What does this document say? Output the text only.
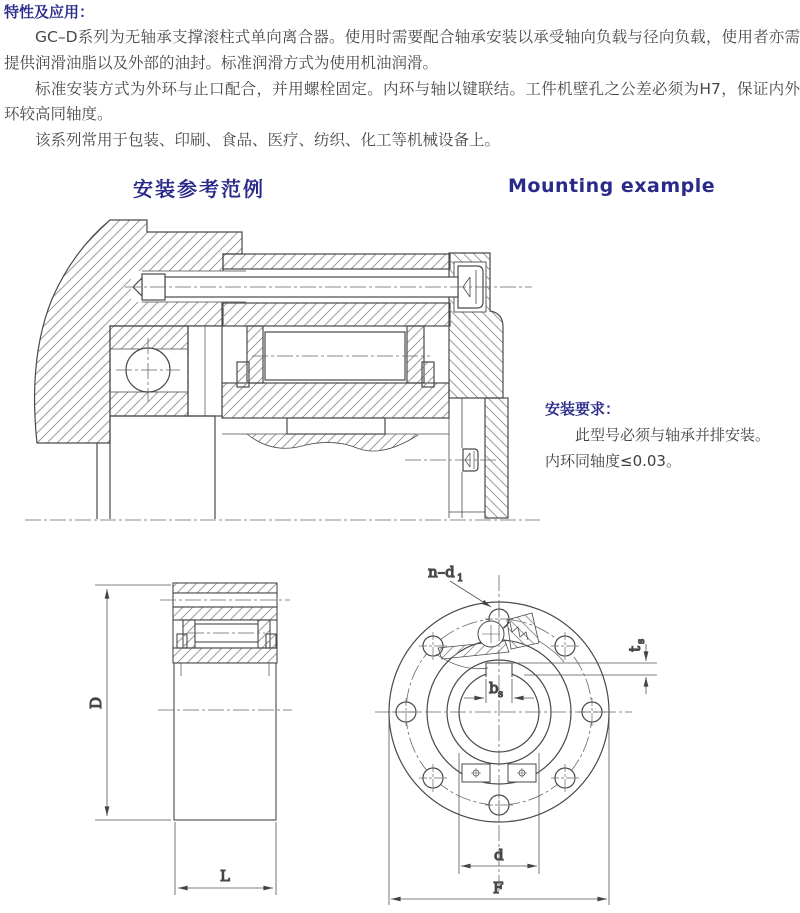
特性及应用：

GC–D系列为无轴承支撑滚柱式单向离合器。使用时需要配合轴承安装以承受轴向负载与径向负载，使用者亦需提供润滑油脂以及外部的油封。标准润滑方式为使用机油润滑。

标准安装方式为外环与止口配合，并用螺栓固定。内环与轴以键联结。工件机壁孔之公差必须为H7，保证内外环较高同轴度。

该系列常用于包装、印刷、食品、医疗、纺织、化工等机械设备上。

安装参考范例	Mounting example
安装要求：

此型号必须与轴承并排安装。

内环同轴度≤0.03。

D
L
b s
t
s
n–d 1
d
F
